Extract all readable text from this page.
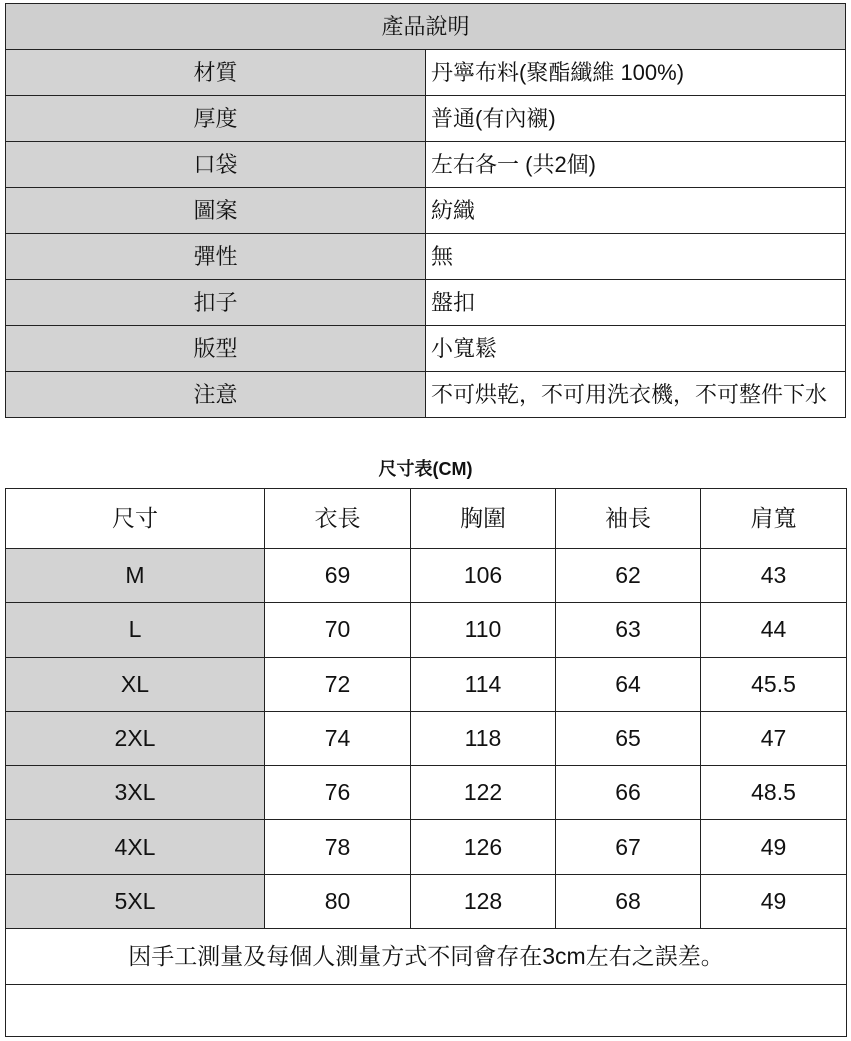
產品說明	
材質	丹寧布料(聚酯纖維 100%)
厚度	普通(有內襯)
口袋	左右各一 (共2個)
圖案	紡織
彈性	無
扣子	盤扣
版型	小寬鬆
注意	不可烘乾，不可用洗衣機，不可整件下水
尺寸表(CM)
尺寸	衣長	胸圍	袖長	肩寬
M	69	106	62	43
L	70	110	63	44
XL	72	114	64	45.5
2XL	74	118	65	47
3XL	76	122	66	48.5
4XL	78	126	67	49
5XL	80	128	68	49
因手工測量及每個人測量方式不同會存在3cm左右之誤差。				
